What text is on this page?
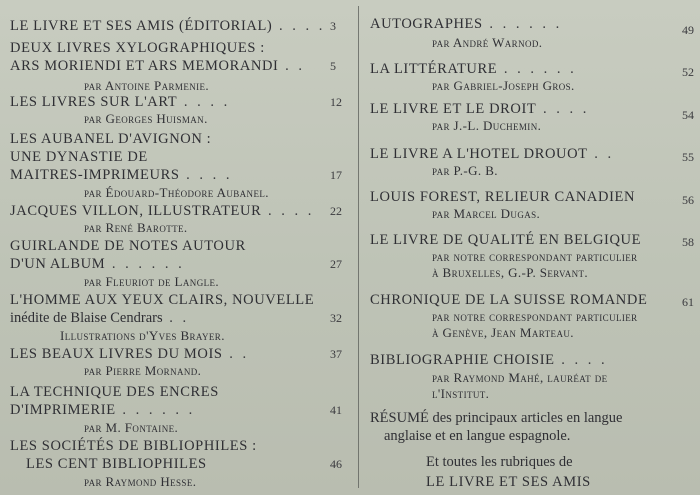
LE LIVRE ET SES AMIS (ÉDITORIAL) . . . . 3
DEUX LIVRES XYLOGRAPHIQUES :
ARS MORIENDI ET ARS MEMORANDI . .
par Antoine Parmenie.
5
LES LIVRES SUR L'ART . . . .
par Georges Huisman.
12
LES AUBANEL D'AVIGNON :
UNE DYNASTIE DE
MAITRES-IMPRIMEURS . . . .
par Édouard-Théodore Aubanel.
17
JACQUES VILLON, ILLUSTRATEUR . . . .
par René Barotte.
22
GUIRLANDE DE NOTES AUTOUR
D'UN ALBUM . . . . . .
par Fleuriot de Langle.
27
L'HOMME AUX YEUX CLAIRS, NOUVELLE
inédite de Blaise Cendrars . .
Illustrations d'Yves Brayer.
32
LES BEAUX LIVRES DU MOIS . .
par Pierre Mornand.
37
LA TECHNIQUE DES ENCRES
D'IMPRIMERIE . . . . . .
par M. Fontaine.
41
LES SOCIÉTÉS DE BIBLIOPHILES :
LES CENT BIBLIOPHILES
par Raymond Hesse.
46
AUTOGRAPHES . . . . . .
par André Warnod.
49
LA LITTÉRATURE . . . . . .
par Gabriel-Joseph Gros.
52
LE LIVRE ET LE DROIT . . . .
par J.-L. Duchemin.
54
LE LIVRE A L'HOTEL DROUOT . .
par P.-G. B.
55
LOUIS FOREST, RELIEUR CANADIEN
par Marcel Dugas.
56
LE LIVRE DE QUALITÉ EN BELGIQUE
par notre correspondant particulier
à Bruxelles, G.-P. Servant.
58
CHRONIQUE DE LA SUISSE ROMANDE
par notre correspondant particulier
à Genève, Jean Marteau.
61
BIBLIOGRAPHIE CHOISIE . . . .
par Raymond Mahé, lauréat de
l'Institut.
RÉSUMÉ des principaux articles en langue
anglaise et en langue espagnole.
Et toutes les rubriques de
LE LIVRE ET SES AMIS
